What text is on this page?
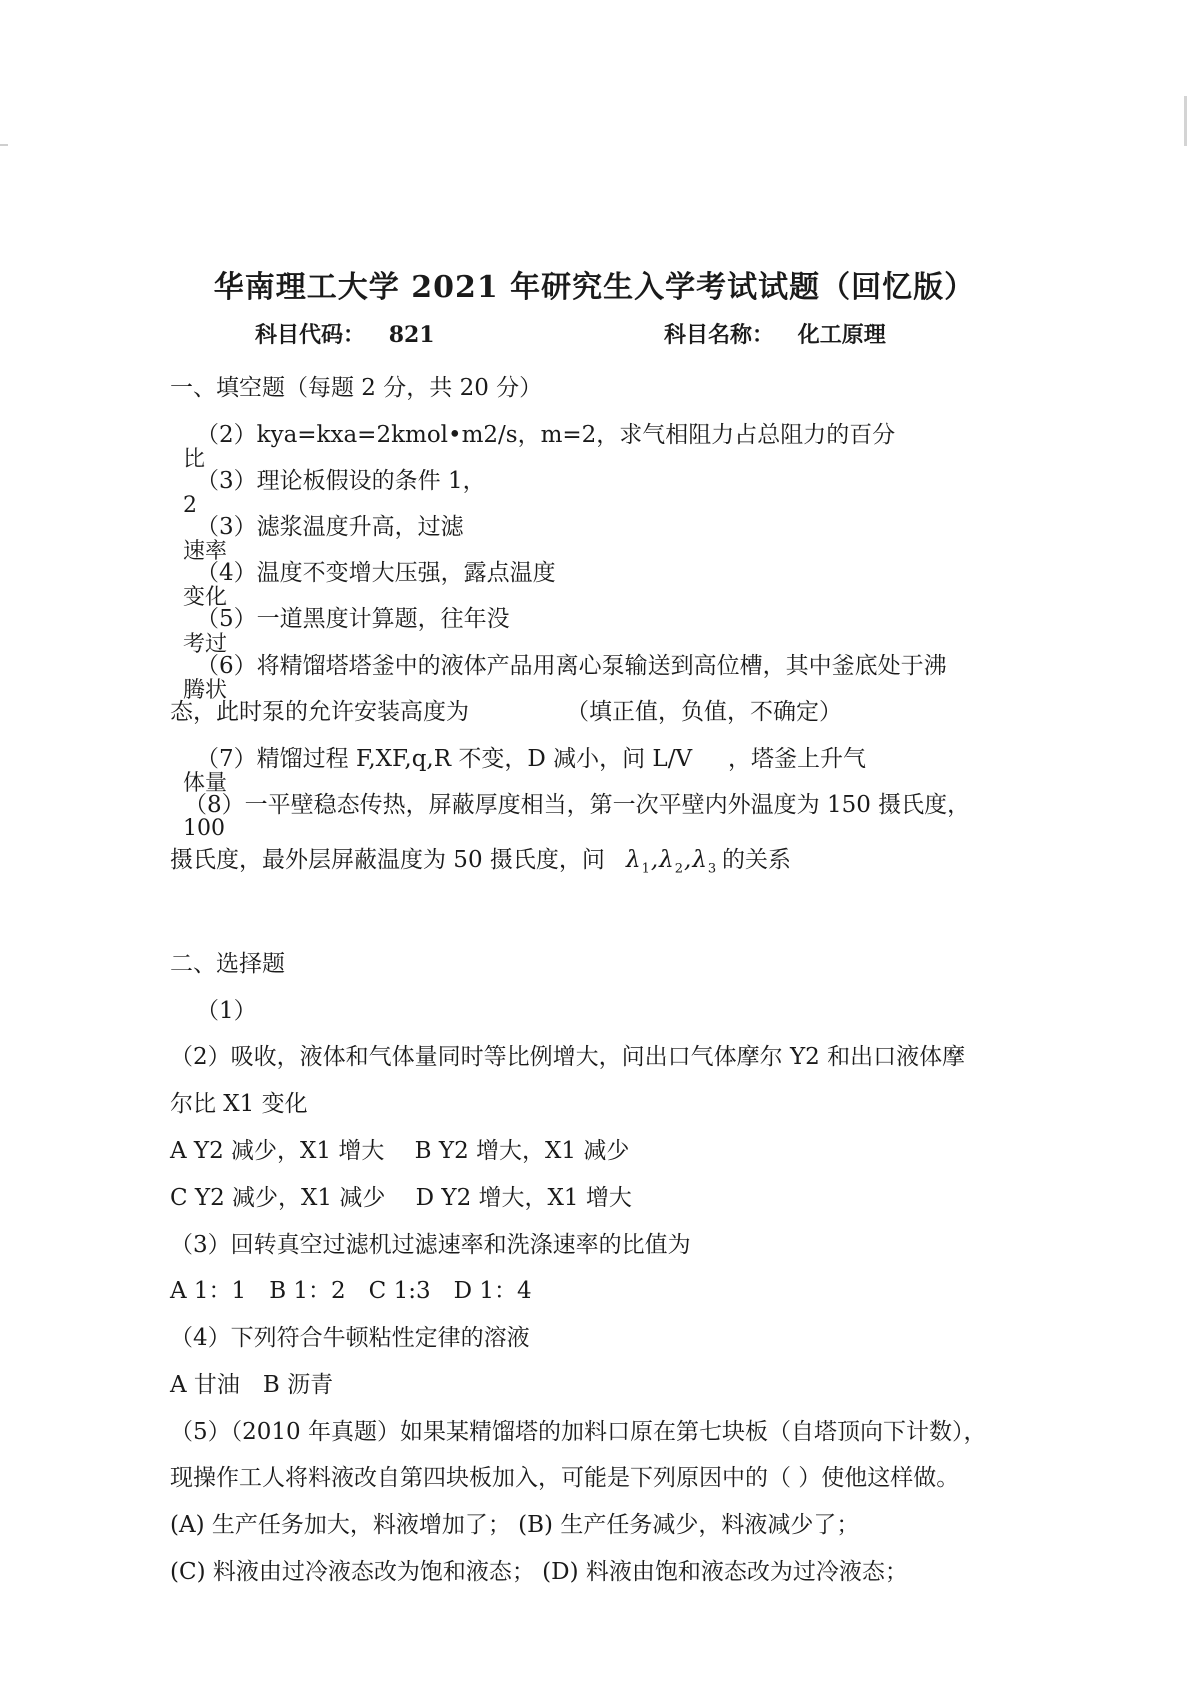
华南理工大学 2021 年研究生入学考试试题（回忆版）
科目代码： 821	科目名称： 化工原理
一、填空题（每题 2 分，共 20 分）
（2）kya=kxa=2kmol•m2/s，m=2，求气相阻力占总阻力的百分
比
（3）理论板假设的条件 1，
2
（3）滤浆温度升高，过滤
速率
（4）温度不变增大压强，露点温度
变化
（5）一道黑度计算题，往年没
考过
（6）将精馏塔塔釜中的液体产品用离心泵输送到高位槽，其中釜底处于沸
腾状
态，此时泵的允许安装高度为	（填正值，负值，不确定）
（7）精馏过程 F,XF,q,R 不变，D 减小，问 L/V ，塔釜上升气
体量
（8）一平壁稳态传热，屏蔽厚度相当，第一次平壁内外温度为 150 摄氏度，
100
摄氏度，最外层屏蔽温度为 50 摄氏度，问 $\lambda_1,\lambda_2,\lambda_3$ 的关系
二、选择题
（1）
（2）吸收，液体和气体量同时等比例增大，问出口气体摩尔 Y2 和出口液体摩
尔比 X1 变化
A Y2 减少，X1 增大　 B Y2 增大，X1 减少
C Y2 减少，X1 减少　 D Y2 增大，X1 增大
（3）回转真空过滤机过滤速率和洗涤速率的比值为
A 1：1　B 1：2　C 1:3　D 1：4
（4）下列符合牛顿粘性定律的溶液
A 甘油　B 沥青
（5）（2010 年真题）如果某精馏塔的加料口原在第七块板（自塔顶向下计数），
现操作工人将料液改自第四块板加入，可能是下列原因中的（ ）使他这样做。
(A) 生产任务加大，料液增加了； (B) 生产任务减少，料液减少了；
(C) 料液由过冷液态改为饱和液态； (D) 料液由饱和液态改为过冷液态；
